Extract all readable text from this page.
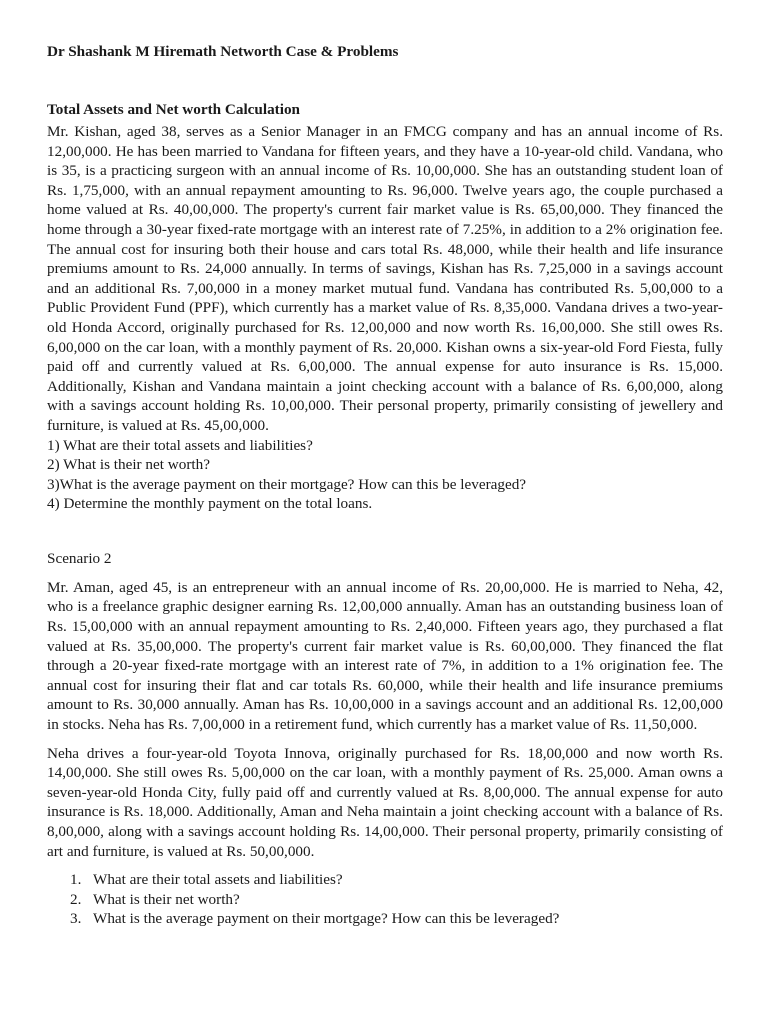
Dr Shashank M Hiremath Networth Case & Problems
Total Assets and Net worth Calculation

Mr. Kishan, aged 38, serves as a Senior Manager in an FMCG company and has an annual income of Rs. 12,00,000. He has been married to Vandana for fifteen years, and they have a 10-year-old child. Vandana, who is 35, is a practicing surgeon with an annual income of Rs. 10,00,000. She has an outstanding student loan of Rs. 1,75,000, with an annual repayment amounting to Rs. 96,000. Twelve years ago, the couple purchased a home valued at Rs. 40,00,000. The property's current fair market value is Rs. 65,00,000. They financed the home through a 30-year fixed-rate mortgage with an interest rate of 7.25%, in addition to a 2% origination fee. The annual cost for insuring both their house and cars total Rs. 48,000, while their health and life insurance premiums amount to Rs. 24,000 annually. In terms of savings, Kishan has Rs. 7,25,000 in a savings account and an additional Rs. 7,00,000 in a money market mutual fund. Vandana has contributed Rs. 5,00,000 to a Public Provident Fund (PPF), which currently has a market value of Rs. 8,35,000. Vandana drives a two-year-old Honda Accord, originally purchased for Rs. 12,00,000 and now worth Rs. 16,00,000. She still owes Rs. 6,00,000 on the car loan, with a monthly payment of Rs. 20,000. Kishan owns a six-year-old Ford Fiesta, fully paid off and currently valued at Rs. 6,00,000. The annual expense for auto insurance is Rs. 15,000. Additionally, Kishan and Vandana maintain a joint checking account with a balance of Rs. 6,00,000, along with a savings account holding Rs. 10,00,000. Their personal property, primarily consisting of jewellery and furniture, is valued at Rs. 45,00,000.

1) What are their total assets and liabilities?
2) What is their net worth?
3)What is the average payment on their mortgage? How can this be leveraged?
4) Determine the monthly payment on the total loans.
Scenario 2

Mr. Aman, aged 45, is an entrepreneur with an annual income of Rs. 20,00,000. He is married to Neha, 42, who is a freelance graphic designer earning Rs. 12,00,000 annually. Aman has an outstanding business loan of Rs. 15,00,000 with an annual repayment amounting to Rs. 2,40,000. Fifteen years ago, they purchased a flat valued at Rs. 35,00,000. The property's current fair market value is Rs. 60,00,000. They financed the flat through a 20-year fixed-rate mortgage with an interest rate of 7%, in addition to a 1% origination fee. The annual cost for insuring their flat and car totals Rs. 60,000, while their health and life insurance premiums amount to Rs. 30,000 annually. Aman has Rs. 10,00,000 in a savings account and an additional Rs. 12,00,000 in stocks. Neha has Rs. 7,00,000 in a retirement fund, which currently has a market value of Rs. 11,50,000.

Neha drives a four-year-old Toyota Innova, originally purchased for Rs. 18,00,000 and now worth Rs. 14,00,000. She still owes Rs. 5,00,000 on the car loan, with a monthly payment of Rs. 25,000. Aman owns a seven-year-old Honda City, fully paid off and currently valued at Rs. 8,00,000. The annual expense for auto insurance is Rs. 18,000. Additionally, Aman and Neha maintain a joint checking account with a balance of Rs. 8,00,000, along with a savings account holding Rs. 14,00,000. Their personal property, primarily consisting of art and furniture, is valued at Rs. 50,00,000.

1. What are their total assets and liabilities?
2. What is their net worth?
3. What is the average payment on their mortgage? How can this be leveraged?
